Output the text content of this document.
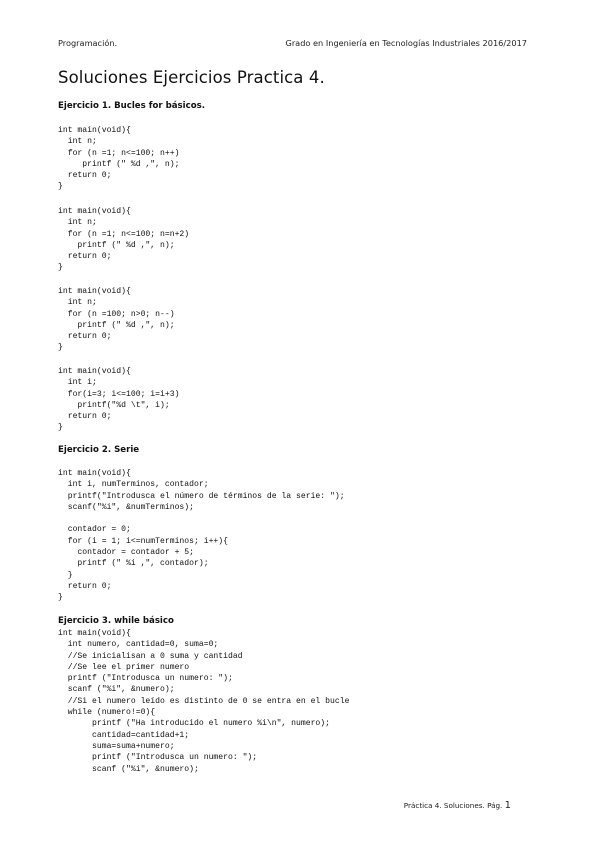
Programación.	Grado en Ingeniería en Tecnologías Industriales 2016/2017
Soluciones Ejercicios Practica 4.
Ejercicio 1. Bucles for básicos.
int main(void){
int n;
for (n =1; n<=100; n++)
printf (" %d ,", n);
return 0;
}
int main(void){
int n;
for (n =1; n<=100; n=n+2)
printf (" %d ,", n);
return 0;
}
int main(void){
int n;
for (n =100; n>0; n--)
printf (" %d ,", n);
return 0;
}
int main(void){
int i;
for(i=3; i<=100; i=i+3)
printf("%d \t", i);
return 0;
}
Ejercicio 2. Serie
int main(void){
int i, numTerminos, contador;
printf("Introdusca el número de términos de la serie: ");
scanf("%i", &numTerminos);

contador = 0;
for (i = 1; i<=numTerminos; i++){
contador = contador + 5;
printf (" %i ,", contador);
}
return 0;
}
Ejercicio 3. while básico
int main(void){
int numero, cantidad=0, suma=0;
//Se inicialisan a 0 suma y cantidad
//Se lee el primer numero
printf ("Introdusca un numero: ");
scanf ("%i", &numero);
//Si el numero leído es distinto de 0 se entra en el bucle
while (numero!=0){
printf ("Ha introducido el numero %i\n", numero);
cantidad=cantidad+1;
suma=suma+numero;
printf ("Introdusca un numero: ");
scanf ("%i", &numero);
Práctica 4. Soluciones. Pág. 1
